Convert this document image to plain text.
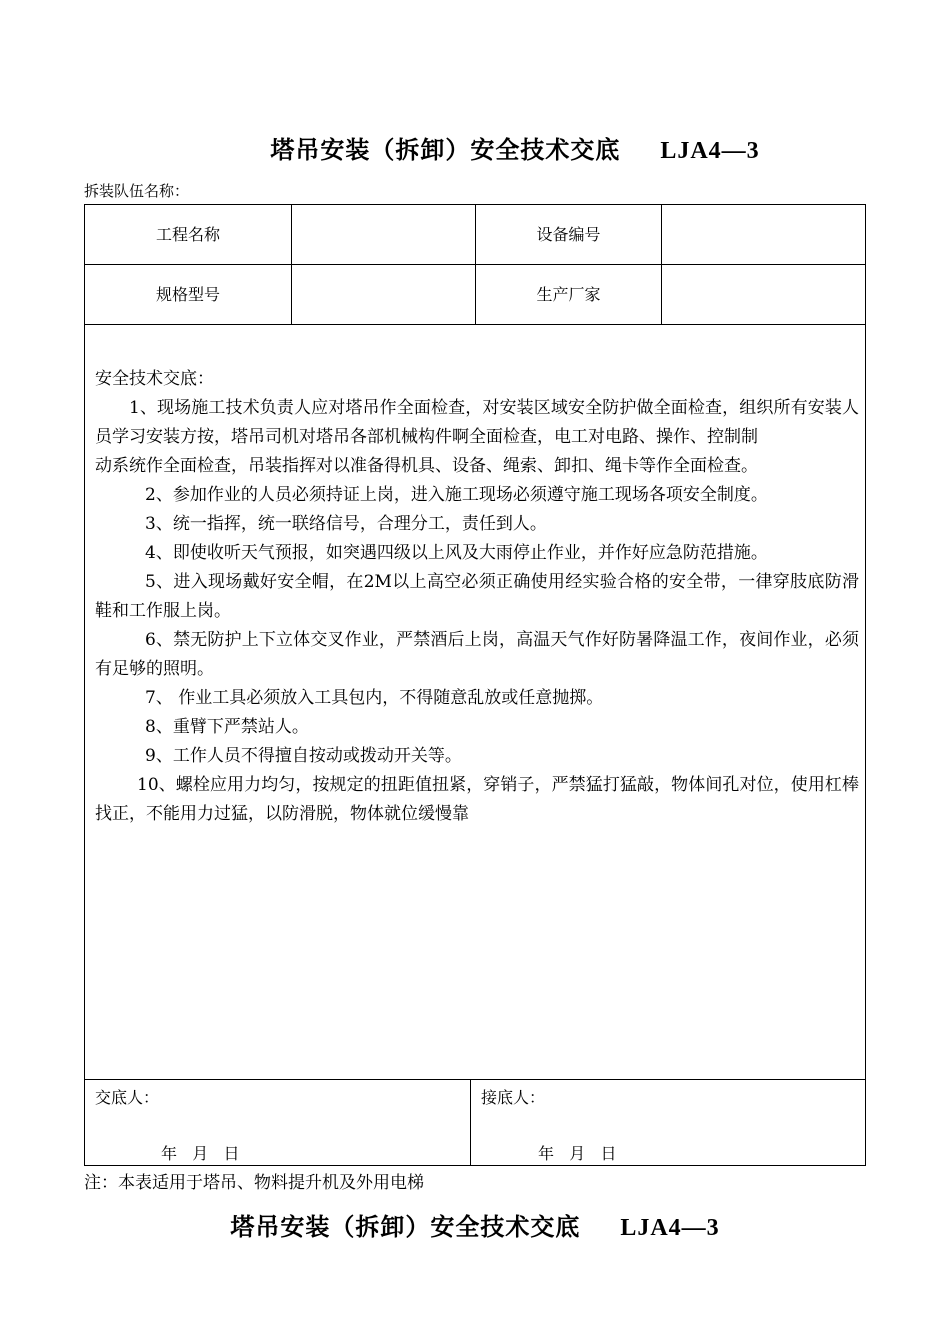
塔吊安装（拆卸）安全技术交底 LJA4—3
拆装队伍名称：
工程名称	设备编号
规格型号	生产厂家

安全技术交底：

1、现场施工技术负责人应对塔吊作全面检查，对安装区域安全防护做全面检查，组织所有安装人员学习安装方按，塔吊司机对塔吊各部机械构件啊全面检查，电工对电路、操作、控制制

动系统作全面检查，吊装指挥对以准备得机具、设备、绳索、卸扣、绳卡等作全面检查。

2、参加作业的人员必须持证上岗，进入施工现场必须遵守施工现场各项安全制度。

3、统一指挥，统一联络信号，合理分工，责任到人。

4、即使收听天气预报，如突遇四级以上风及大雨停止作业，并作好应急防范措施。

5、进入现场戴好安全帽，在2M以上高空必须正确使用经实验合格的安全带，一律穿肢底防滑鞋和工作服上岗。

6、禁无防护上下立体交叉作业，严禁酒后上岗，高温天气作好防暑降温工作，夜间作业，必须有足够的照明。

7、 作业工具必须放入工具包内，不得随意乱放或任意抛掷。

8、重臂下严禁站人。

9、工作人员不得擅自按动或拨动开关等。

10、螺栓应用力均匀，按规定的扭距值扭紧，穿销子，严禁猛打猛敲，物体间孔对位，使用杠棒找正，不能用力过猛，以防滑脱，物体就位缓慢靠

交底人：	接底人：
年   月   日	年   月   日
注：本表适用于塔吊、物料提升机及外用电梯
塔吊安装（拆卸）安全技术交底 LJA4—3
